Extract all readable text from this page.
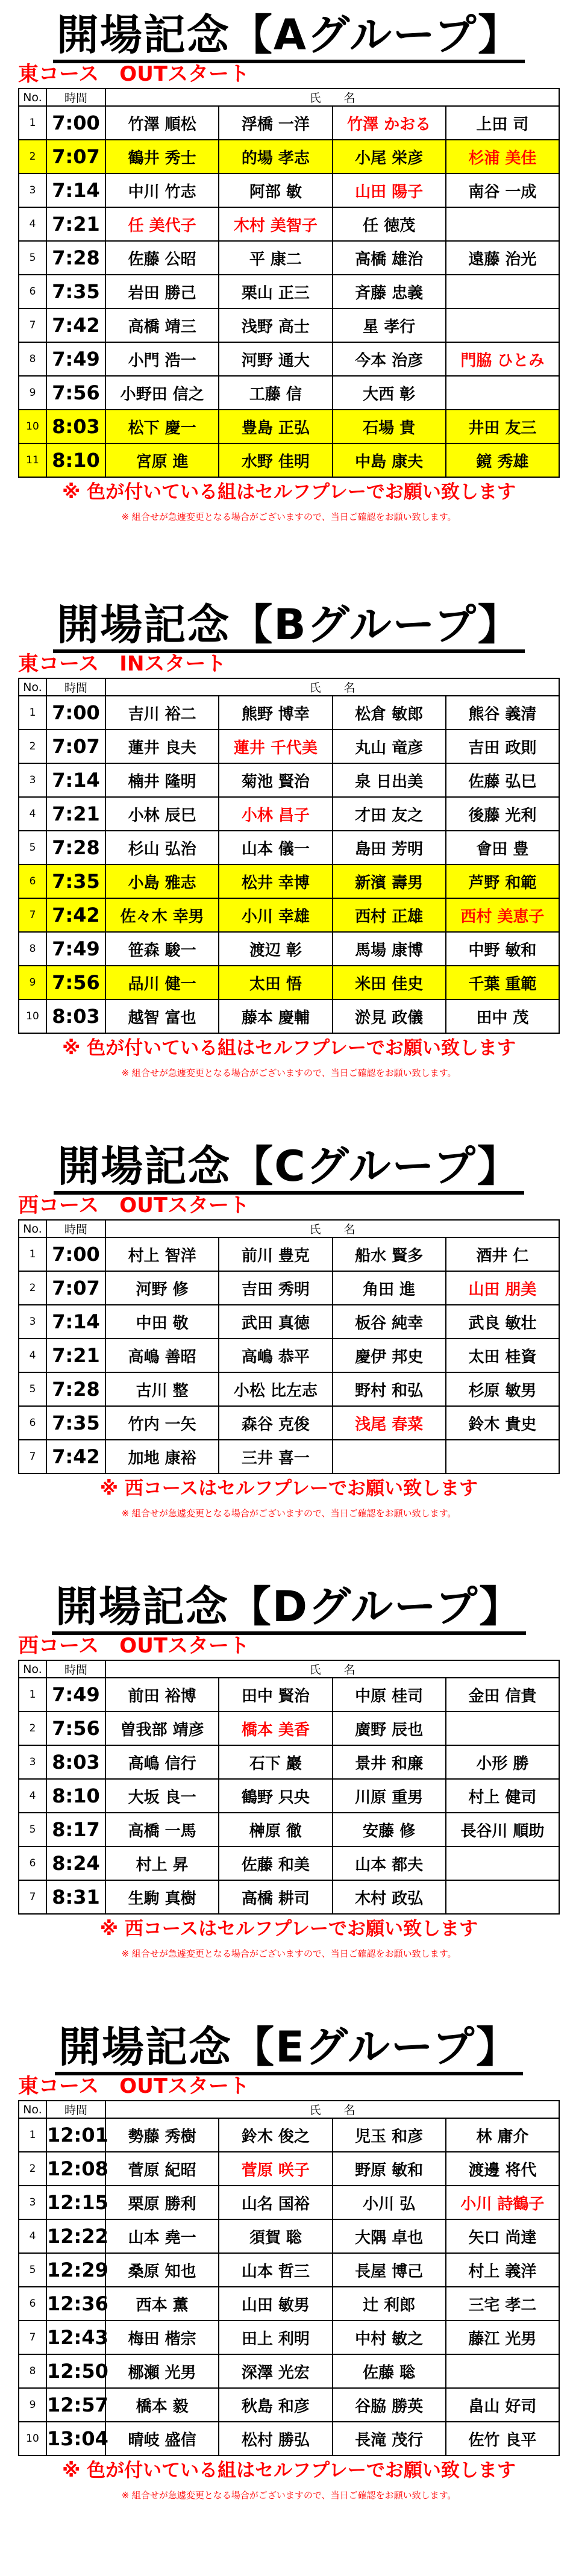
開場記念【Aグループ】
東コース　OUTスタート
No.	時間	氏　　名			
1	7:00	竹澤 順松	浮橋 一洋	竹澤 かおる	上田 司
2	7:07	鶴井 秀士	的場 孝志	小尾 栄彦	杉浦 美佳
3	7:14	中川 竹志	阿部 敏	山田 陽子	南谷 一成
4	7:21	任 美代子	木村 美智子	任 徳茂	
5	7:28	佐藤 公昭	平 康二	高橋 雄治	遠藤 治光
6	7:35	岩田 勝己	栗山 正三	斉藤 忠義	
7	7:42	高橋 靖三	浅野 高士	星 孝行	
8	7:49	小門 浩一	河野 通大	今本 治彦	門脇 ひとみ
9	7:56	小野田 信之	工藤 信	大西 彰	
10	8:03	松下 慶一	豊島 正弘	石場 貴	井田 友三
11	8:10	宮原 進	水野 佳明	中島 康夫	鏡 秀雄
※ 色が付いている組はセルフプレーでお願い致します
※ 組合せが急遽変更となる場合がございますので、当日ご確認をお願い致します。
開場記念【Bグループ】
東コース　INスタート
No.	時間	氏　　名			
1	7:00	吉川 裕二	熊野 博幸	松倉 敏郎	熊谷 義清
2	7:07	蓮井 良夫	蓮井 千代美	丸山 竜彦	吉田 政則
3	7:14	楠井 隆明	菊池 賢治	泉 日出美	佐藤 弘巳
4	7:21	小林 辰巳	小林 昌子	才田 友之	後藤 光利
5	7:28	杉山 弘治	山本 儀一	島田 芳明	會田 豊
6	7:35	小島 雅志	松井 幸博	新濱 壽男	芦野 和範
7	7:42	佐々木 幸男	小川 幸雄	西村 正雄	西村 美恵子
8	7:49	笹森 駿一	渡辺 彰	馬場 康博	中野 敏和
9	7:56	品川 健一	太田 悟	米田 佳史	千葉 重範
10	8:03	越智 富也	藤本 慶輔	淤見 政儀	田中 茂
※ 色が付いている組はセルフプレーでお願い致します
※ 組合せが急遽変更となる場合がございますので、当日ご確認をお願い致します。
開場記念【Cグループ】
西コース　OUTスタート
No.	時間	氏　　名			
1	7:00	村上 智洋	前川 豊克	船水 賢多	酒井 仁
2	7:07	河野 修	吉田 秀明	角田 進	山田 朋美
3	7:14	中田 敬	武田 真徳	板谷 純幸	武良 敏壮
4	7:21	高嶋 善昭	高嶋 恭平	慶伊 邦史	太田 桂資
5	7:28	古川 整	小松 比左志	野村 和弘	杉原 敏男
6	7:35	竹内 一矢	森谷 克俊	浅尾 春菜	鈴木 貴史
7	7:42	加地 康裕	三井 喜一		
※ 西コースはセルフプレーでお願い致します
※ 組合せが急遽変更となる場合がございますので、当日ご確認をお願い致します。
開場記念【Dグループ】
西コース　OUTスタート
No.	時間	氏　　名			
1	7:49	前田 裕博	田中 賢治	中原 桂司	金田 信貴
2	7:56	曽我部 靖彦	橋本 美香	廣野 辰也	
3	8:03	高嶋 信行	石下 巖	景井 和廉	小形 勝
4	8:10	大坂 良一	鶴野 只央	川原 重男	村上 健司
5	8:17	高橋 一馬	榊原 徹	安藤 修	長谷川 順助
6	8:24	村上 昇	佐藤 和美	山本 都夫	
7	8:31	生駒 真樹	高橋 耕司	木村 政弘	
※ 西コースはセルフプレーでお願い致します
※ 組合せが急遽変更となる場合がございますので、当日ご確認をお願い致します。
開場記念【Eグループ】
東コース　OUTスタート
No.	時間	氏　　名			
1	12:01	勢藤 秀樹	鈴木 俊之	児玉 和彦	林 庸介
2	12:08	菅原 紀昭	菅原 咲子	野原 敏和	渡邊 将代
3	12:15	栗原 勝利	山名 国裕	小川 弘	小川 詩鶴子
4	12:22	山本 堯一	須賀 聡	大隅 卓也	矢口 尚達
5	12:29	桑原 知也	山本 哲三	長屋 博己	村上 義洋
6	12:36	西本 薫	山田 敏男	辻 利郎	三宅 孝二
7	12:43	梅田 楷宗	田上 利明	中村 敏之	藤江 光男
8	12:50	梛瀬 光男	深澤 光宏	佐藤 聡	
9	12:57	橋本 毅	秋島 和彦	谷脇 勝英	畠山 好司
10	13:04	晴岐 盛信	松村 勝弘	長滝 茂行	佐竹 良平
※ 色が付いている組はセルフプレーでお願い致します
※ 組合せが急遽変更となる場合がございますので、当日ご確認をお願い致します。
